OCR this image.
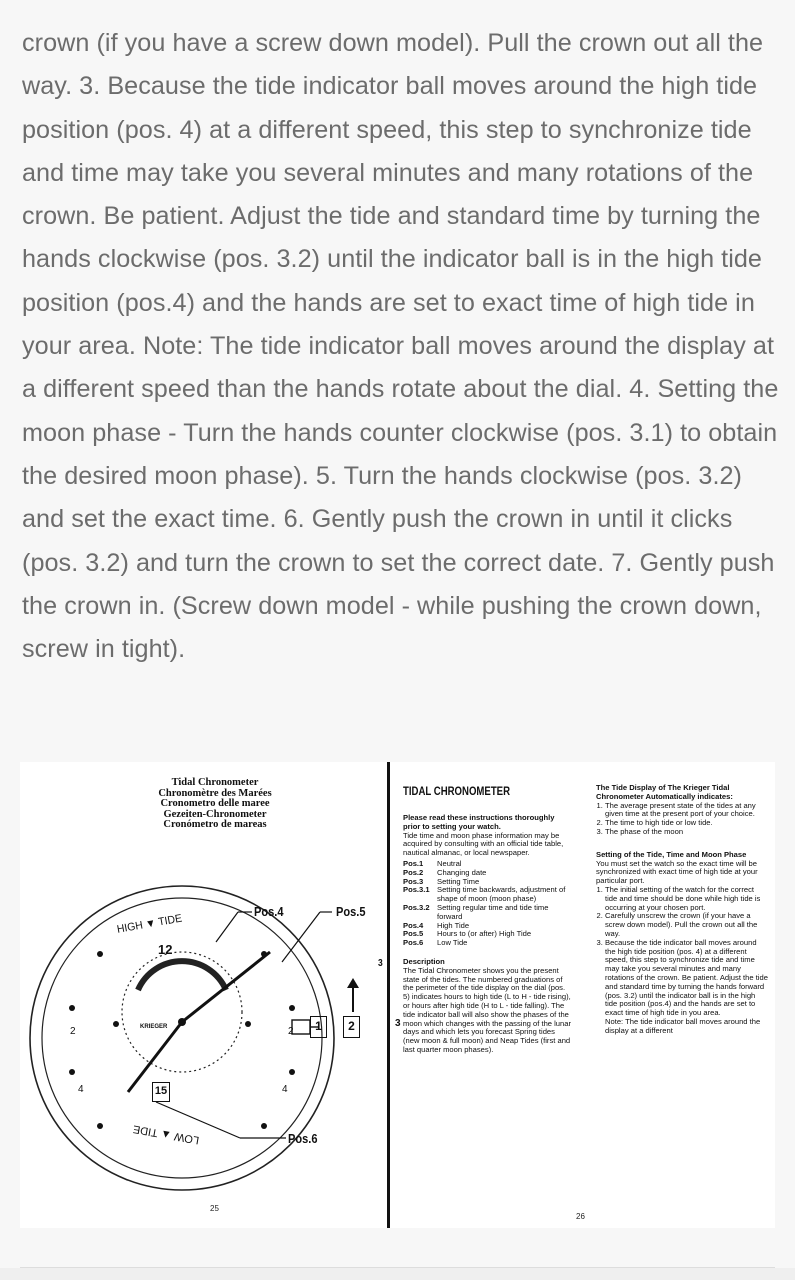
crown (if you have a screw down model). Pull the crown out all the way. 3. Because the tide indicator ball moves around the high tide position (pos. 4) at a different speed, this step to synchronize tide and time may take you several minutes and many rotations of the crown. Be patient. Adjust the tide and standard time by turning the hands clockwise (pos. 3.2) until the indicator ball is in the high tide position (pos.4) and the hands are set to exact time of high tide in your area. Note: The tide indicator ball moves around the display at a different speed than the hands rotate about the dial. 4. Setting the moon phase - Turn the hands counter clockwise (pos. 3.1) to obtain the desired moon phase). 5. Turn the hands clockwise (pos. 3.2) and set the exact time. 6. Gently push the crown in until it clicks (pos. 3.2) and turn the crown to set the correct date. 7. Gently push the crown in. (Screw down model - while pushing the crown down, screw in tight).

Tidal Chronometer
Chronomètre des Marées
Cronometro delle maree
Gezeiten-Chronometer
Cronómetro de mareas
2	2
4	4
Pos.4	Pos.5
Pos.6
HIGH ▼ TIDE
LOW ▲ TIDE
12
KRIEGER
15
1	2
3
25
TIDAL CHRONOMETER
Please read these instructions thoroughly prior to setting your watch.
Tide time and moon phase information may be acquired by consulting with an official tide table, nautical almanac, or local newspaper.
Pos.1	Neutral
Pos.2	Changing date
Pos.3	Setting Time
Pos.3.1 Setting time backwards, adjustment of shape of moon (moon phase)
Pos.3.2 Setting regular time and tide time forward
Pos.4	High Tide
Pos.5	Hours to (or after) High Tide
Pos.6	Low Tide
Description
The Tidal Chronometer shows you the present state of the tides. The numbered graduations of the perimeter of the tide display on the dial (pos. 5) indicates hours to high tide (L to H - tide rising), or hours after high tide (H to L - tide falling). The tide indicator ball will also show the phases of the moon which changes with the passing of the lunar days and which lets you forecast Spring tides (new moon & full moon) and Neap Tides (first and last quarter moon phases).
3
26
The Tide Display of The Krieger Tidal Chronometer Automatically indicates:
1. The average present state of the tides at any given time at the present port of your choice.
2. The time to high tide or low tide.
3. The phase of the moon
Setting of the Tide, Time and Moon Phase
You must set the watch so the exact time will be synchronized with exact time of high tide at your particular port.
1. The initial setting of the watch for the correct tide and time should be done while high tide is occurring at your chosen port.
2. Carefully unscrew the crown (if your have a screw down model). Pull the crown out all the way.
3. Because the tide indicator ball moves around the high tide position (pos. 4) at a different speed, this step to synchronize tide and time may take you several minutes and many rotations of the crown. Be patient. Adjust the tide and standard time by turning the hands forward (pos. 3.2) until the indicator ball is in the high tide position (pos.4) and the hands are set to exact time of high tide in you area.
Note: The tide indicator ball moves around the display at a different
